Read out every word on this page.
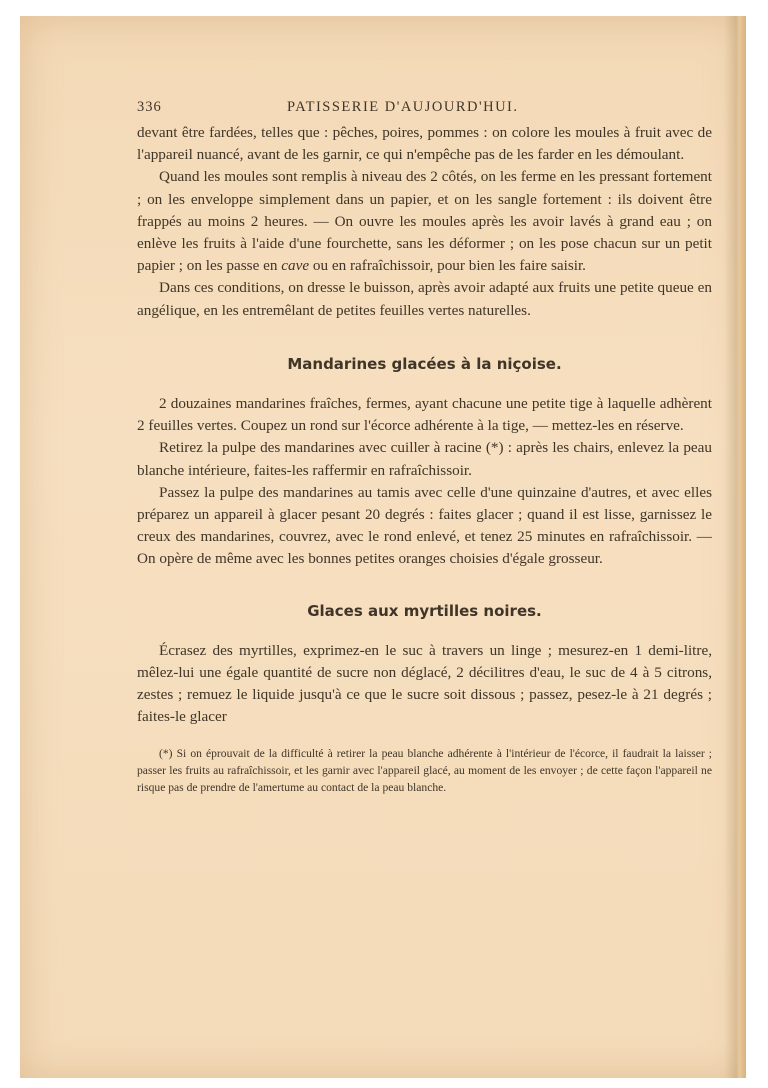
336	PATISSERIE D'AUJOURD'HUI.

devant être fardées, telles que : pêches, poires, pommes : on colore les moules à fruit avec de l'appareil nuancé, avant de les garnir, ce qui n'empêche pas de les farder en les démoulant.

Quand les moules sont remplis à niveau des 2 côtés, on les ferme en les pressant fortement ; on les enveloppe simplement dans un papier, et on les sangle fortement : ils doivent être frappés au moins 2 heures. — On ouvre les moules après les avoir lavés à grand eau ; on enlève les fruits à l'aide d'une fourchette, sans les déformer ; on les pose chacun sur un petit papier ; on les passe en cave ou en rafraîchissoir, pour bien les faire saisir.

Dans ces conditions, on dresse le buisson, après avoir adapté aux fruits une petite queue en angélique, en les entremêlant de petites feuilles vertes naturelles.

Mandarines glacées à la niçoise.

2 douzaines mandarines fraîches, fermes, ayant chacune une petite tige à laquelle adhèrent 2 feuilles vertes. Coupez un rond sur l'écorce adhérente à la tige, — mettez-les en réserve.

Retirez la pulpe des mandarines avec cuiller à racine (*) : après les chairs, enlevez la peau blanche intérieure, faites-les raffermir en rafraîchissoir.

Passez la pulpe des mandarines au tamis avec celle d'une quinzaine d'autres, et avec elles préparez un appareil à glacer pesant 20 degrés : faites glacer ; quand il est lisse, garnissez le creux des mandarines, couvrez, avec le rond enlevé, et tenez 25 minutes en rafraîchissoir. — On opère de même avec les bonnes petites oranges choisies d'égale grosseur.

Glaces aux myrtilles noires.

Écrasez des myrtilles, exprimez-en le suc à travers un linge ; mesurez-en 1 demi-litre, mêlez-lui une égale quantité de sucre non déglacé, 2 décilitres d'eau, le suc de 4 à 5 citrons, zestes ; remuez le liquide jusqu'à ce que le sucre soit dissous ; passez, pesez-le à 21 degrés ; faites-le glacer

(*) Si on éprouvait de la difficulté à retirer la peau blanche adhérente à l'intérieur de l'écorce, il faudrait la laisser ; passer les fruits au rafraîchissoir, et les garnir avec l'appareil glacé, au moment de les envoyer ; de cette façon l'appareil ne risque pas de prendre de l'amertume au contact de la peau blanche.
